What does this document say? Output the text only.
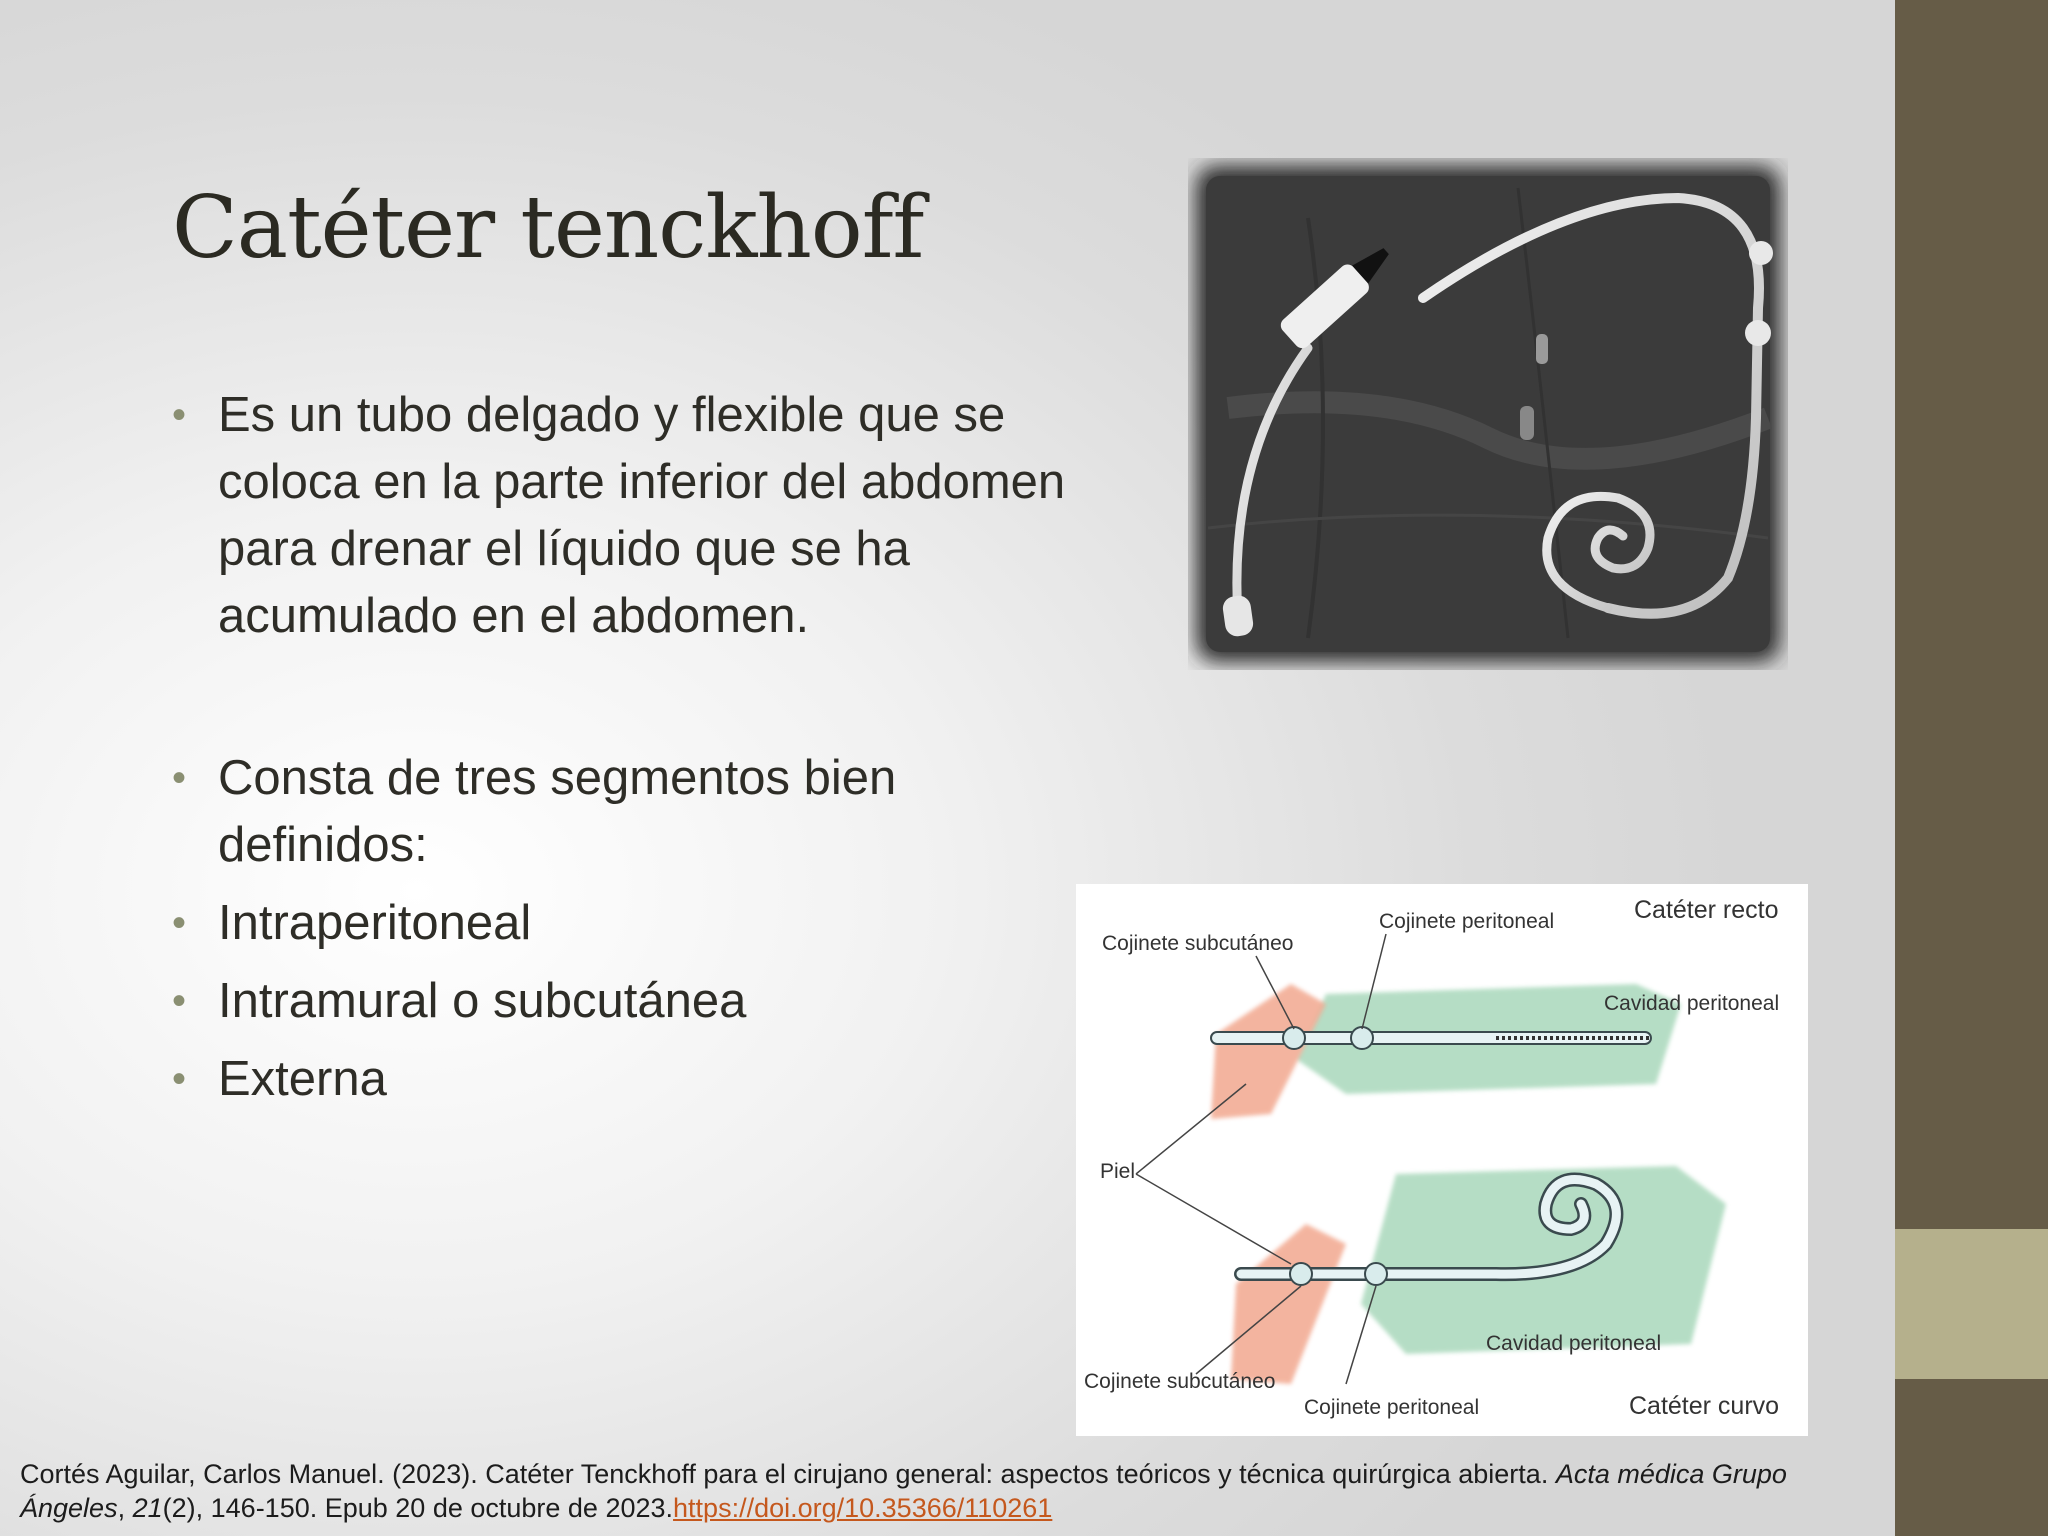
Catéter tenckhoff
• Es un tubo delgado y flexible que se coloca en la parte inferior del abdomen para drenar el líquido que se ha acumulado en el abdomen.
• Consta de tres segmentos bien definidos:
• Intraperitoneal
• Intramural o subcutánea
• Externa
Cojinete subcutáneo
Cojinete peritoneal	Catéter recto
Cavidad peritoneal
Piel
Cavidad peritoneal
Cojinete subcutáneo
Cojinete peritoneal	Catéter curvo
Cortés Aguilar, Carlos Manuel. (2023). Catéter Tenckhoff para el cirujano general: aspectos teóricos y técnica quirúrgica abierta. Acta médica Grupo Ángeles, 21(2), 146-150. Epub 20 de octubre de 2023.https://doi.org/10.35366/110261
